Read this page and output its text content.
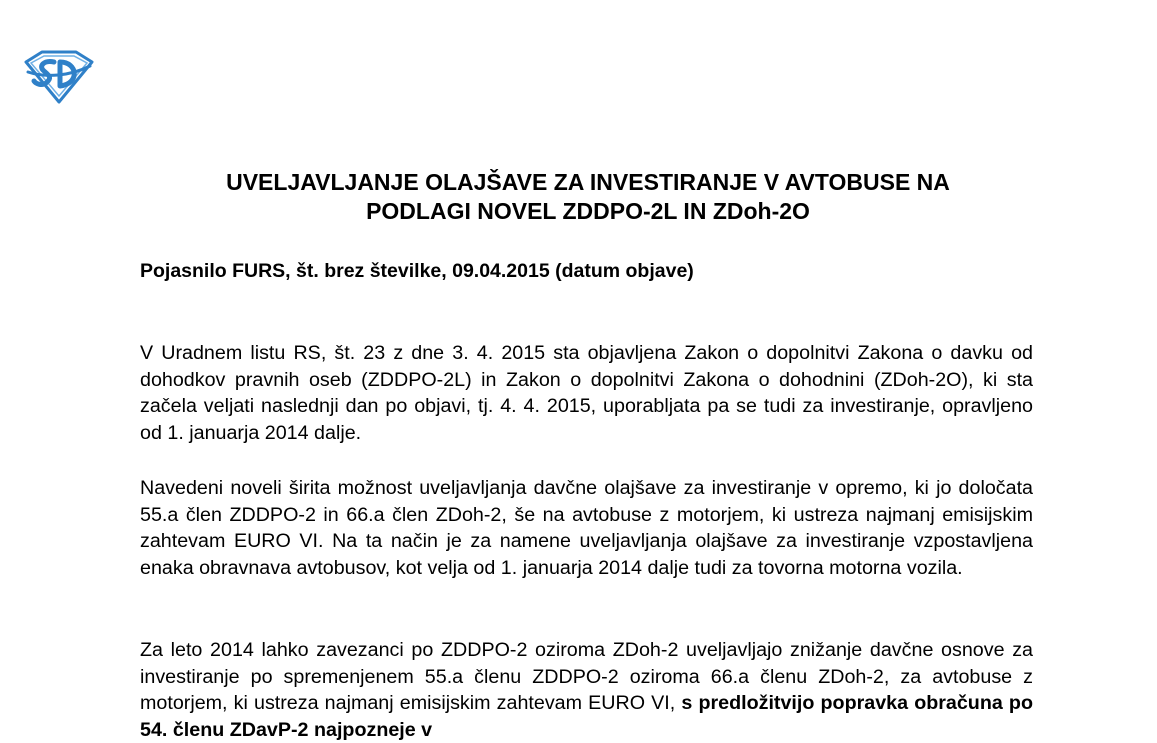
UVELJAVLJANJE OLAJŠAVE ZA INVESTIRANJE V AVTOBUSE NA
PODLAGI NOVEL ZDDPO-2L IN ZDoh-2O

Pojasnilo FURS, št. brez številke, 09.04.2015 (datum objave)

V Uradnem listu RS, št. 23 z dne 3. 4. 2015 sta objavljena Zakon o dopolnitvi Zakona o davku od dohodkov pravnih oseb (ZDDPO-2L) in Zakon o dopolnitvi Zakona o dohodnini (ZDoh-2O), ki sta začela veljati naslednji dan po objavi, tj. 4. 4. 2015, uporabljata pa se tudi za investiranje, opravljeno od 1. januarja 2014 dalje.

Navedeni noveli širita možnost uveljavljanja davčne olajšave za investiranje v opremo, ki jo določata 55.a člen ZDDPO-2 in 66.a člen ZDoh-2, še na avtobuse z motorjem, ki ustreza najmanj emisijskim zahtevam EURO VI. Na ta način je za namene uveljavljanja olajšave za investiranje vzpostavljena enaka obravnava avtobusov, kot velja od 1. januarja 2014 dalje tudi za tovorna motorna vozila.

Za leto 2014 lahko zavezanci po ZDDPO-2 oziroma ZDoh-2 uveljavljajo znižanje davčne osnove za investiranje po spremenjenem 55.a členu ZDDPO-2 oziroma 66.a členu ZDoh-2, za avtobuse z motorjem, ki ustreza najmanj emisijskim zahtevam EURO VI, s predložitvijo popravka obračuna po 54. členu ZDavP-2 najpozneje v
